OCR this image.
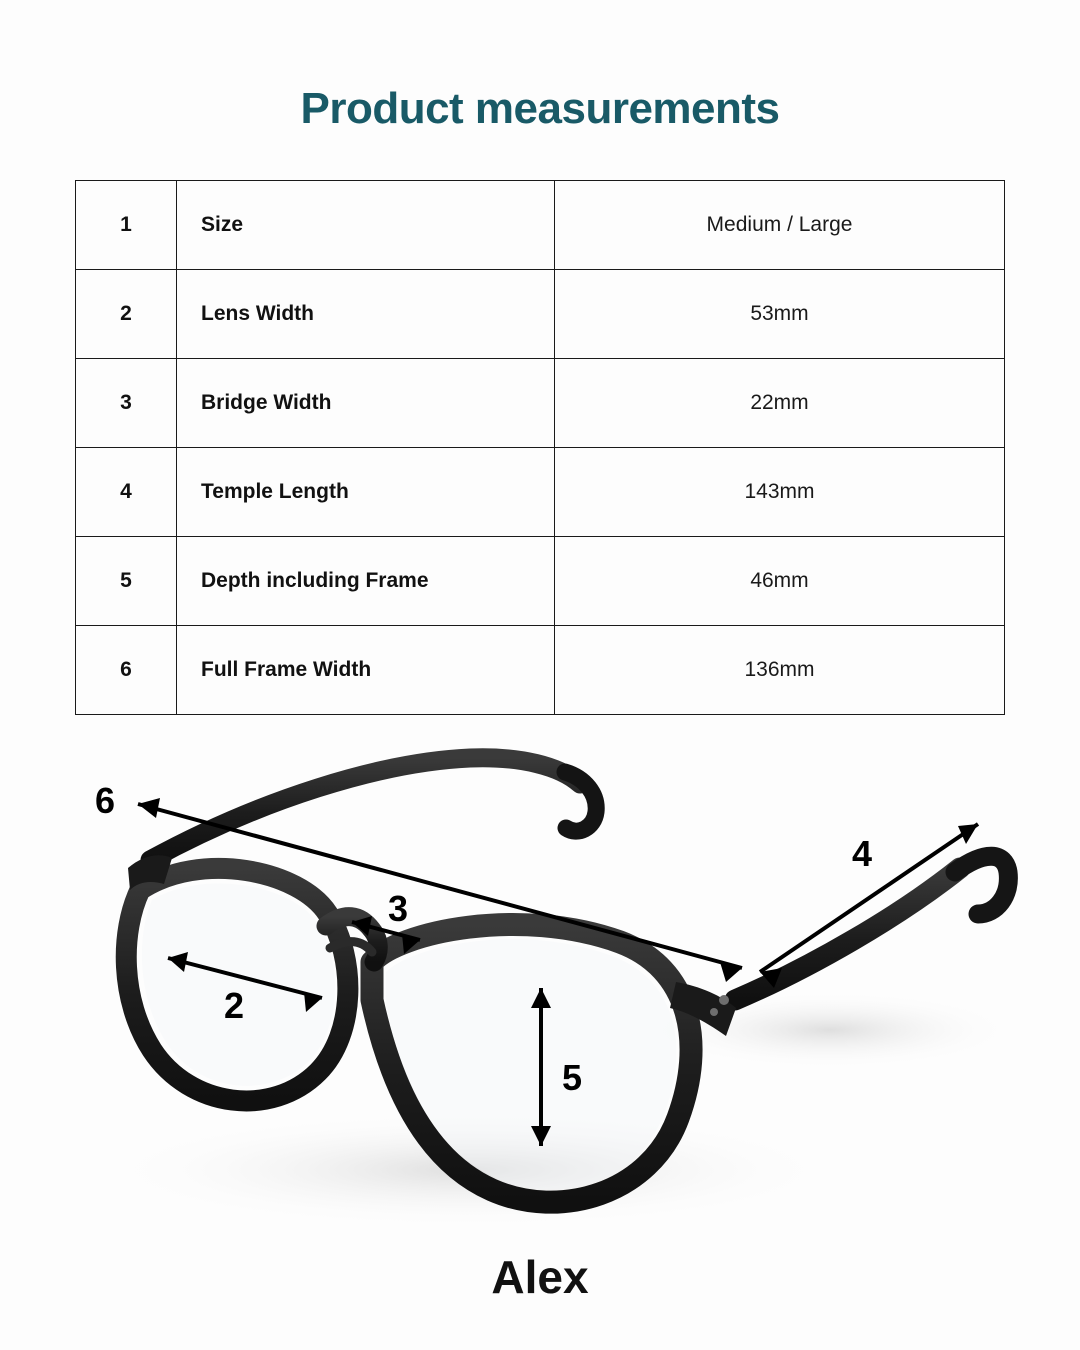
Product measurements
1	Size	Medium / Large
2	Lens Width	53mm
3	Bridge Width	22mm
4	Temple Length	143mm
5	Depth including Frame	46mm
6	Full Frame Width	136mm
6
4
3
2
5
Alex
